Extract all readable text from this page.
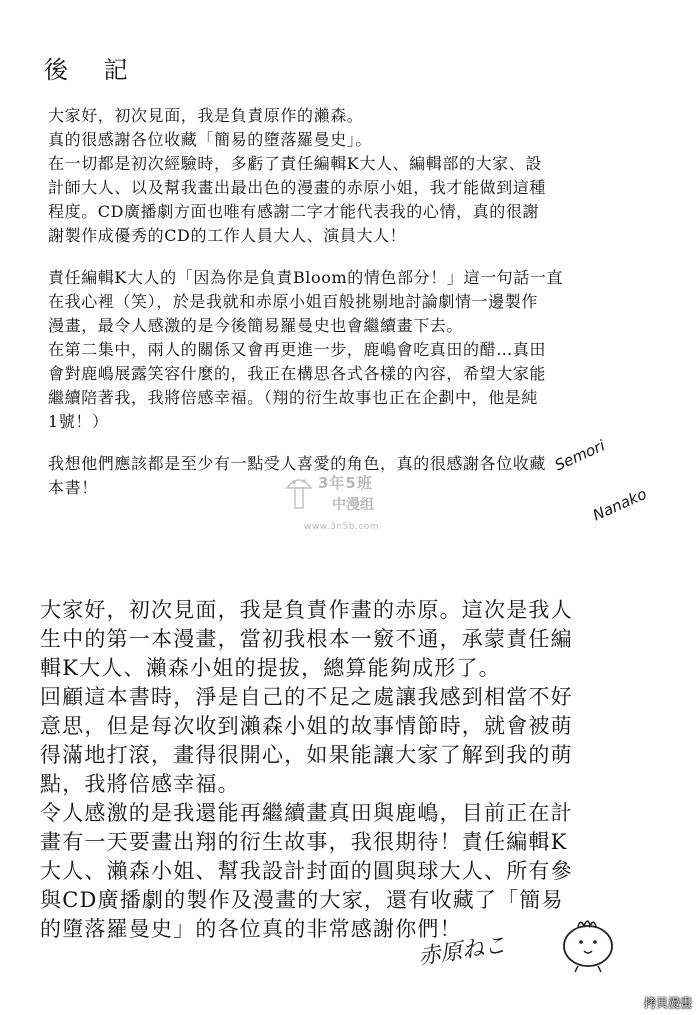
後 記

大家好，初次見面，我是負責原作的瀨森。
真的很感謝各位收藏「簡易的墮落羅曼史」。
在一切都是初次經驗時，多虧了責任編輯K大人、編輯部的大家、設
計師大人、以及幫我畫出最出色的漫畫的赤原小姐，我才能做到這種
程度。CD廣播劇方面也唯有感謝二字才能代表我的心情，真的很謝
謝製作成優秀的CD的工作人員大人、演員大人！

責任編輯K大人的「因為你是負責Bloom的情色部分！」這一句話一直
在我心裡（笑），於是我就和赤原小姐百般挑剔地討論劇情一邊製作
漫畫，最令人感激的是今後簡易羅曼史也會繼續畫下去。
在第二集中，兩人的關係又會再更進一步，鹿嶋會吃真田的醋…真田
會對鹿嶋展露笑容什麼的，我正在構思各式各樣的內容，希望大家能
繼續陪著我，我將倍感幸福。（翔的衍生故事也正在企劃中，他是純
1號！）

我想他們應該都是至少有一點受人喜愛的角色，真的很感謝各位收藏
本書！

Semori
Nanako
3年5班
中漫组
www.3n5b.com

大家好，初次見面，我是負責作畫的赤原。這次是我人
生中的第一本漫畫，當初我根本一竅不通，承蒙責任編
輯K大人、瀨森小姐的提拔，總算能夠成形了。
回顧這本書時，淨是自己的不足之處讓我感到相當不好
意思，但是每次收到瀨森小姐的故事情節時，就會被萌
得滿地打滾，畫得很開心，如果能讓大家了解到我的萌
點，我將倍感幸福。
令人感激的是我還能再繼續畫真田與鹿嶋，目前正在計
畫有一天要畫出翔的衍生故事，我很期待！責任編輯K
大人、瀨森小姐、幫我設計封面的圓與球大人、所有參
與CD廣播劇的製作及漫畫的大家，還有收藏了「簡易
的墮落羅曼史」的各位真的非常感謝你們！

赤原ねこ
拷貝漫畫
